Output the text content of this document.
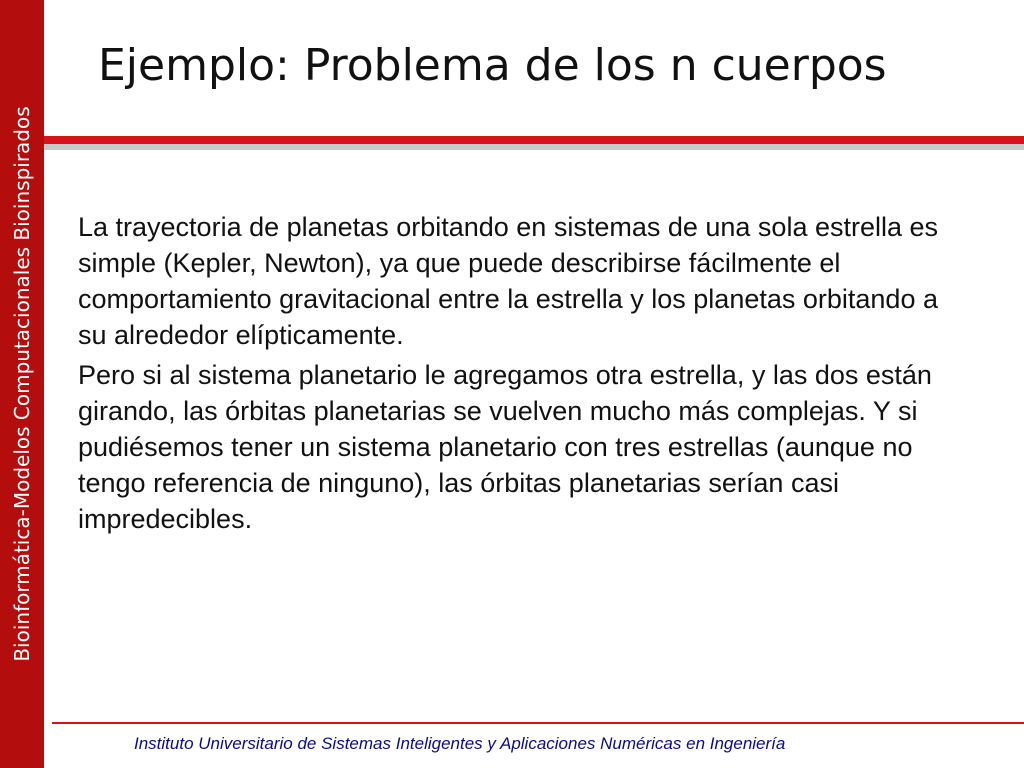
Bioinformática-Modelos Computacionales Bioinspirados
Ejemplo: Problema de los n cuerpos

La trayectoria de planetas orbitando en sistemas de una sola estrella es simple (Kepler, Newton), ya que puede describirse fácilmente el comportamiento gravitacional entre la estrella y los planetas orbitando a su alrededor elípticamente.

Pero si al sistema planetario le agregamos otra estrella, y las dos están girando, las órbitas planetarias se vuelven mucho más complejas. Y si pudiésemos tener un sistema planetario con tres estrellas (aunque no tengo referencia de ninguno), las órbitas planetarias serían casi impredecibles.

Instituto Universitario de Sistemas Inteligentes y Aplicaciones Numéricas en Ingeniería
